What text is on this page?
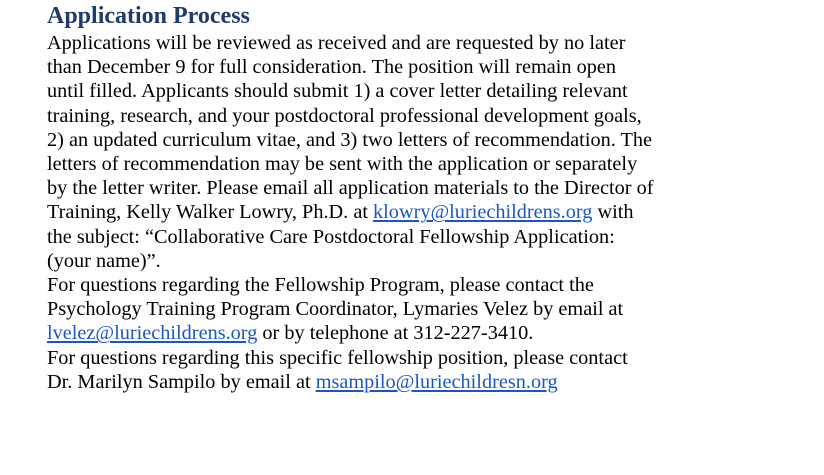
Application Process
Applications will be reviewed as received and are requested by no later
than December 9 for full consideration. The position will remain open
until filled. Applicants should submit 1) a cover letter detailing relevant
training, research, and your postdoctoral professional development goals,
2) an updated curriculum vitae, and 3) two letters of recommendation. The
letters of recommendation may be sent with the application or separately
by the letter writer. Please email all application materials to the Director of
Training, Kelly Walker Lowry, Ph.D. at klowry@luriechildrens.org with
the subject: “Collaborative Care Postdoctoral Fellowship Application:
(your name)”.
For questions regarding the Fellowship Program, please contact the
Psychology Training Program Coordinator, Lymaries Velez by email at
lvelez@luriechildrens.org or by telephone at 312-227-3410.
For questions regarding this specific fellowship position, please contact
Dr. Marilyn Sampilo by email at msampilo@luriechildresn.org
